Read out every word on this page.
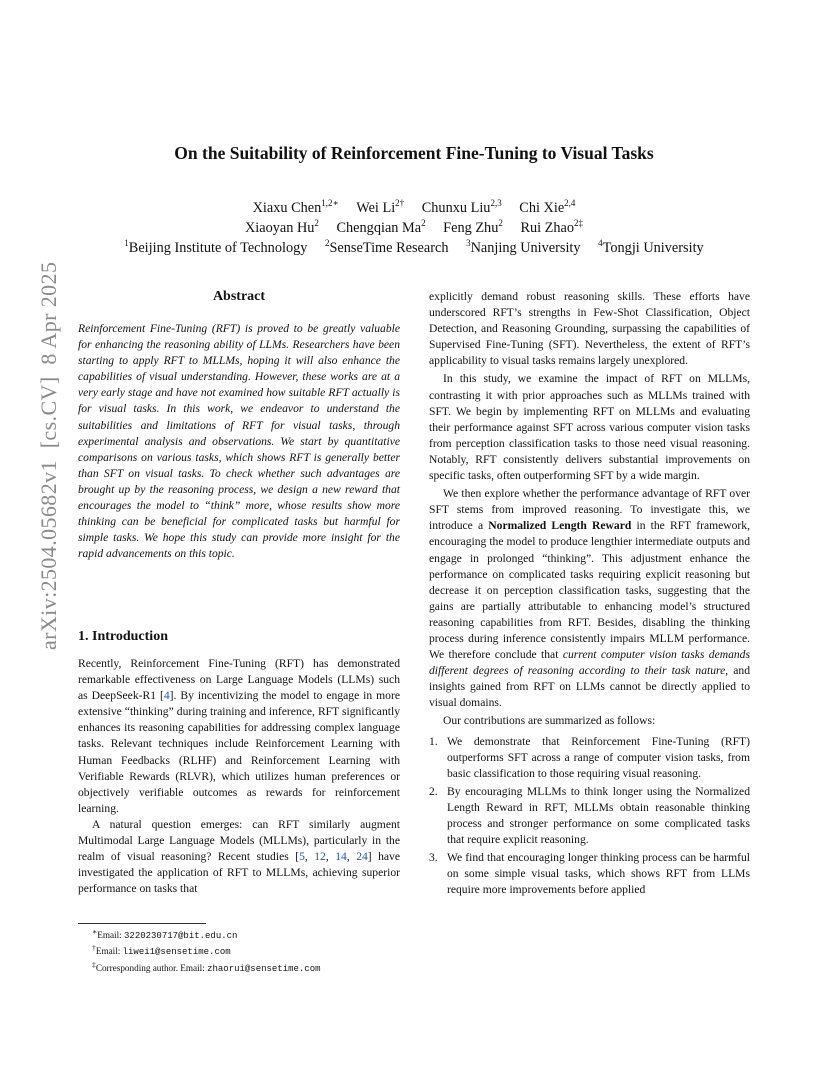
On the Suitability of Reinforcement Fine-Tuning to Visual Tasks
Xiaxu Chen$^{1,2∗}$ Wei $Li^{2\dagger}$ Chunxu Liu$^{2,3}$ Chi Xie$^{2,4}$
Xiaoyan Hu$^2$ Chengqian Ma$^2$ Feng Zhu$^2$ Rui Zhao$^{2\ddagger}$
$^1$Beijing Institute of Technology $^2$SenseTime Research $^3$Nanjing University $^4$Tongji University
arXiv:2504.05682v1  [cs.CV]  8 Apr 2025	Abstract

Reinforcement Fine-Tuning (RFT) is proved to be greatly valuable for enhancing the reasoning ability of LLMs. Researchers have been starting to apply RFT to MLLMs, hoping it will also enhance the capabilities of visual understanding. However, these works are at a very early stage and have not examined how suitable RFT actually is for visual tasks. In this work, we endeavor to understand the suitabilities and limitations of RFT for visual tasks, through experimental analysis and observations. We start by quantitative comparisons on various tasks, which shows RFT is generally better than SFT on visual tasks. To check whether such advantages are brought up by the reasoning process, we design a new reward that encourages the model to “think” more, whose results show more thinking can be beneficial for complicated tasks but harmful for simple tasks. We hope this study can provide more insight for the rapid advancements on this topic.

1. Introduction

Recently, Reinforcement Fine-Tuning (RFT) has demonstrated remarkable effectiveness on Large Language Models (LLMs) such as DeepSeek-R1 [4]. By incentivizing the model to engage in more extensive “thinking” during training and inference, RFT significantly enhances its reasoning capabilities for addressing complex language tasks. Relevant techniques include Reinforcement Learning with Human Feedbacks (RLHF) and Reinforcement Learning with Verifiable Rewards (RLVR), which utilizes human preferences or objectively verifiable outcomes as rewards for reinforcement learning.

A natural question emerges: can RFT similarly augment Multimodal Large Language Models (MLLMs), particularly in the realm of visual reasoning? Recent studies [5, 12, 14, 24] have investigated the application of RFT to MLLMs, achieving superior performance on tasks that

∗Email: 3220230717@bit.edu.cn
†Email: liwei1@sensetime.com
‡Corresponding author. Email: zhaorui@sensetime.com

explicitly demand robust reasoning skills. These efforts have underscored RFT’s strengths in Few-Shot Classification, Object Detection, and Reasoning Grounding, surpassing the capabilities of Supervised Fine-Tuning (SFT). Nevertheless, the extent of RFT’s applicability to visual tasks remains largely unexplored.

In this study, we examine the impact of RFT on MLLMs, contrasting it with prior approaches such as MLLMs trained with SFT. We begin by implementing RFT on MLLMs and evaluating their performance against SFT across various computer vision tasks from perception classification tasks to those need visual reasoning. Notably, RFT consistently delivers substantial improvements on specific tasks, often outperforming SFT by a wide margin.

We then explore whether the performance advantage of RFT over SFT stems from improved reasoning. To investigate this, we introduce a Normalized Length Reward in the RFT framework, encouraging the model to produce lengthier intermediate outputs and engage in prolonged “thinking”. This adjustment enhance the performance on complicated tasks requiring explicit reasoning but decrease it on perception classification tasks, suggesting that the gains are partially attributable to enhancing model’s structured reasoning capabilities from RFT. Besides, disabling the thinking process during inference consistently impairs MLLM performance. We therefore conclude that current computer vision tasks demands different degrees of reasoning according to their task nature, and insights gained from RFT on LLMs cannot be directly applied to visual domains.

Our contributions are summarized as follows:

1. We demonstrate that Reinforcement Fine-Tuning (RFT) outperforms SFT across a range of computer vision tasks, from basic classification to those requiring visual reasoning.
2. By encouraging MLLMs to think longer using the Normalized Length Reward in RFT, MLLMs obtain reasonable thinking process and stronger performance on some complicated tasks that require explicit reasoning.
3. We find that encouraging longer thinking process can be harmful on some simple visual tasks, which shows RFT from LLMs require more improvements before applied
